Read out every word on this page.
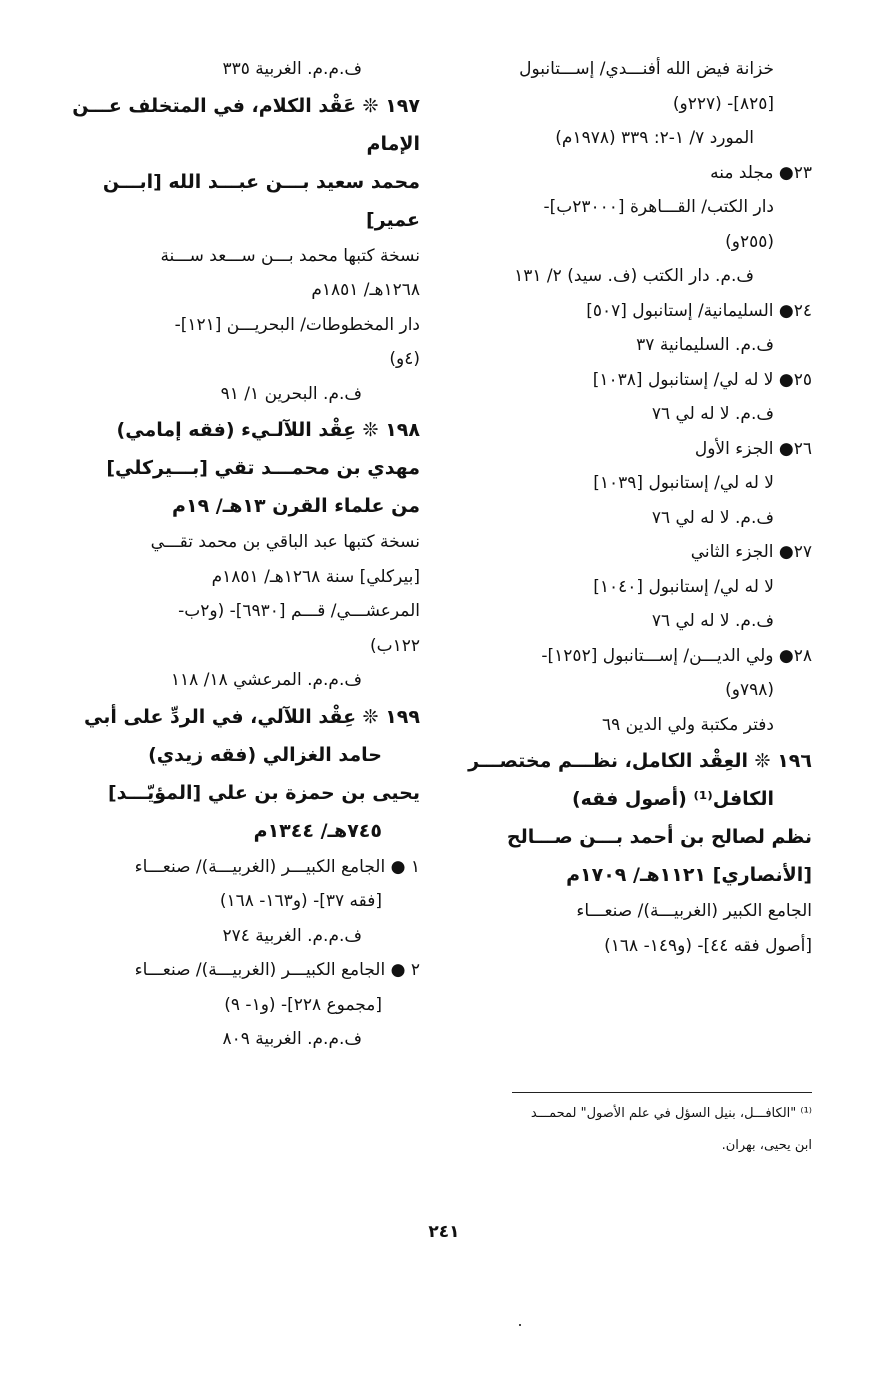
خزانة فيض الله أفنـــدي/ إســـتانبول
[٨٢٥]- (٢٢٧و)
المورد ٧/ ١-٢: ٣٣٩ (١٩٧٨م)
٢٣● مجلد منه
دار الكتب/ القـــاهرة [٢٣٠٠٠ب]-
(٢٥٥و)
ف.م. دار الكتب (ف. سيد) ٢/ ١٣١
٢٤● السليمانية/ إستانبول [٥٠٧]
ف.م. السليمانية ٣٧
٢٥● لا له لي/ إستانبول [١٠٣٨]
ف.م. لا له لي ٧٦
٢٦● الجزء الأول
لا له لي/ إستانبول [١٠٣٩]
ف.م. لا له لي ٧٦
٢٧● الجزء الثاني
لا له لي/ إستانبول [١٠٤٠]
ف.م. لا له لي ٧٦
٢٨● ولي الديـــن/ إســـتانبول [١٢٥٢]-
(٧٩٨و)
دفتر مكتبة ولي الدين ٦٩
١٩٦ ❊ العِقْد الكامل، نظـــم مختصـــر
الكافل⁽¹⁾ (أصول فقه)
نظم لصالح بن أحمد بـــن صـــالح
[الأنصاري] ١١٢١هـ/ ١٧٠٩م
الجامع الكبير (الغربيـــة)/ صنعـــاء
[أصول فقه ٤٤]- (و١٤٩- ١٦٨)
ف.م.م. الغربية ٣٣٥
١٩٧ ❊ عَقْد الكلام، في المتخلف عـــن
الإمام
محمد سعيد بـــن عبـــد الله [ابـــن
عمير]
نسخة كتبها محمد بـــن ســـعد ســـنة
١٢٦٨هـ/ ١٨٥١م
دار المخطوطات/ البحريـــن [١٢١]-
(٤و)
ف.م. البحرين ١/ ٩١
١٩٨ ❊ عِقْد اللآلـيء (فقه إمامي)
مهدي بن محمـــد تقي [بـــيركلي]
من علماء القرن ١٣هـ/ ١٩م
نسخة كتبها عبد الباقي بن محمد تقـــي
[بيركلي] سنة ١٢٦٨هـ/ ١٨٥١م
المرعشـــي/ قـــم [٦٩٣٠]- (و٢ب-
١٢٢ب)
ف.م.م. المرعشي ١٨/ ١١٨
١٩٩ ❊ عِقْد اللآلي، في الردِّ على أبي
حامد الغزالي (فقه زيدي)
يحيى بن حمزة بن علي [المؤيّـــد]
٧٤٥هـ/ ١٣٤٤م
١ ● الجامع الكبيـــر (الغربيـــة)/ صنعـــاء
[فقه ٣٧]- (و١٦٣- ١٦٨)
ف.م.م. الغربية ٢٧٤
٢ ● الجامع الكبيـــر (الغربيـــة)/ صنعـــاء
[مجموع ٢٢٨]- (و١- ٩)
ف.م.م. الغربية ٨٠٩
⁽¹⁾ "الكافـــل، بنيل السؤل في علم الأصول" لمحمـــد
ابن يحيى، بهران.
٢٤١
